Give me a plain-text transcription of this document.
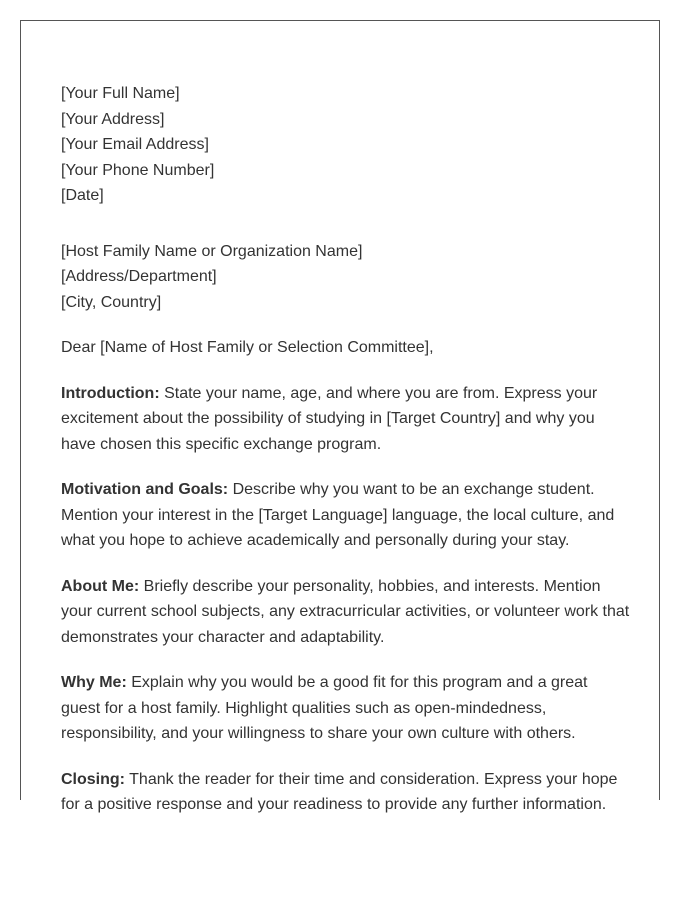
[Your Full Name]
[Your Address]
[Your Email Address]
[Your Phone Number]
[Date]
[Host Family Name or Organization Name]
[Address/Department]
[City, Country]
Dear [Name of Host Family or Selection Committee],

Introduction: State your name, age, and where you are from. Express your excitement about the possibility of studying in [Target Country] and why you have chosen this specific exchange program.

Motivation and Goals: Describe why you want to be an exchange student. Mention your interest in the [Target Language] language, the local culture, and what you hope to achieve academically and personally during your stay.

About Me: Briefly describe your personality, hobbies, and interests. Mention your current school subjects, any extracurricular activities, or volunteer work that demonstrates your character and adaptability.

Why Me: Explain why you would be a good fit for this program and a great guest for a host family. Highlight qualities such as open-mindedness, responsibility, and your willingness to share your own culture with others.

Closing: Thank the reader for their time and consideration. Express your hope for a positive response and your readiness to provide any further information.
